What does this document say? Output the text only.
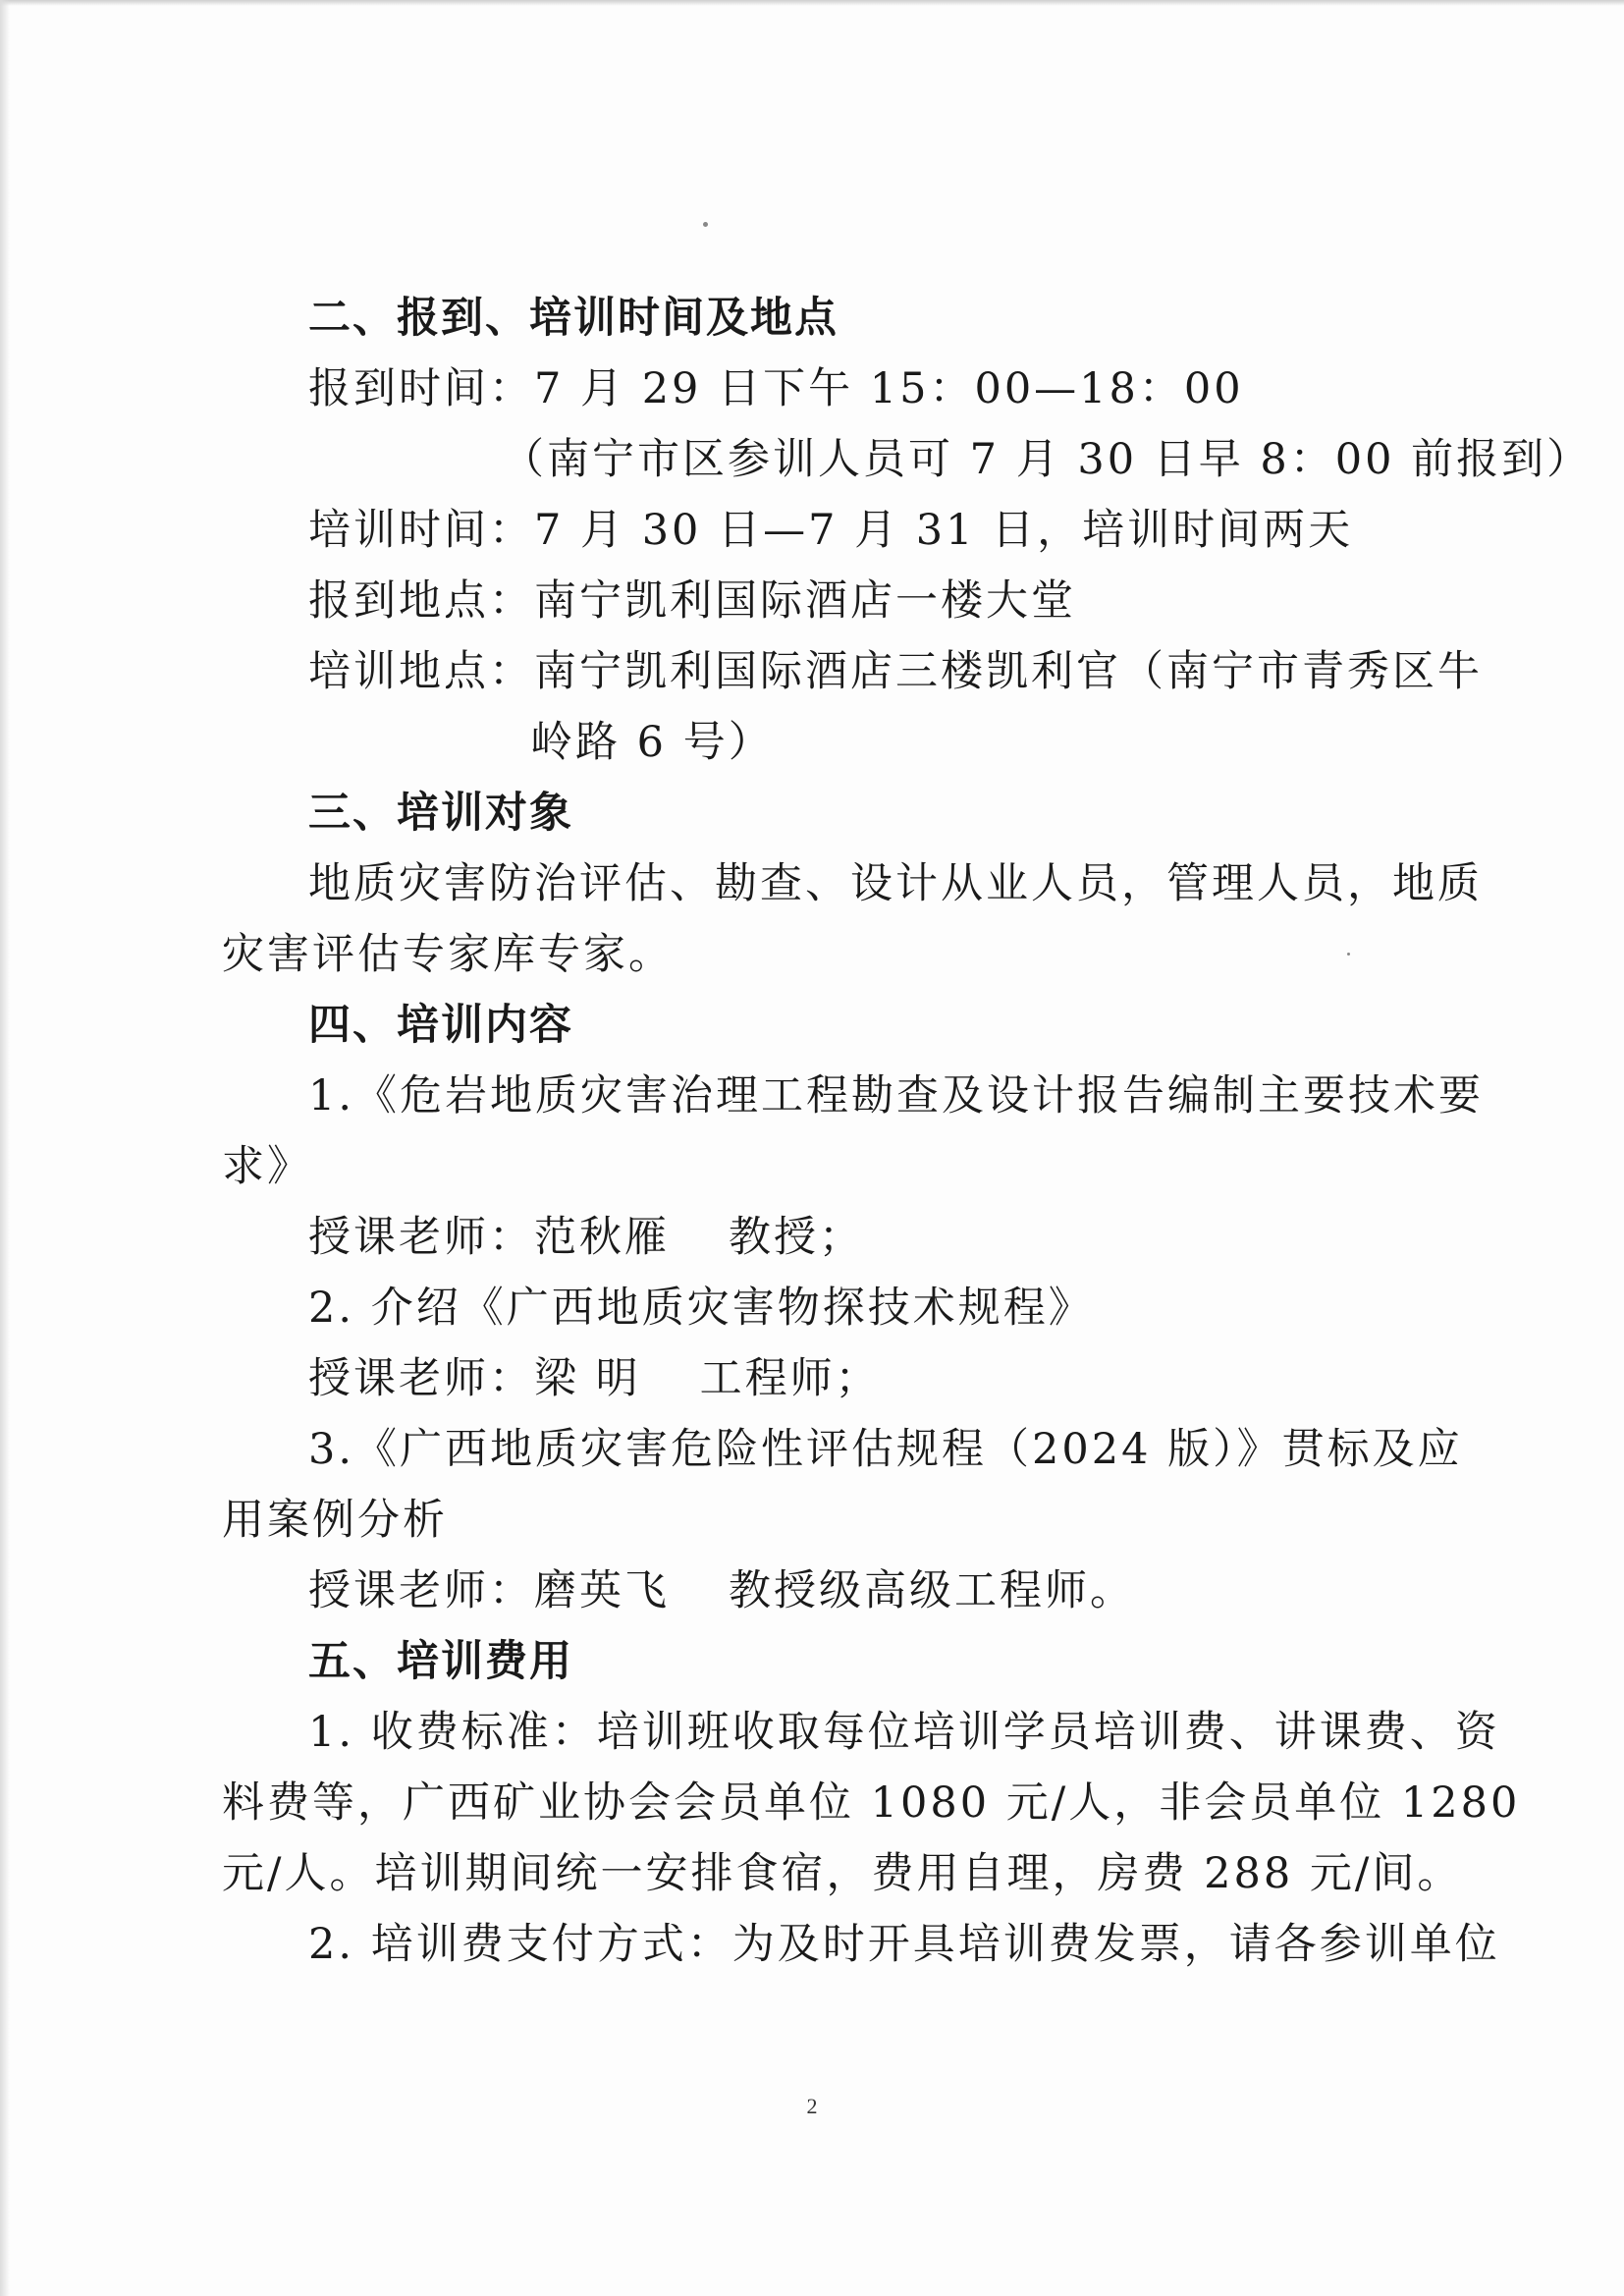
二、报到、培训时间及地点

报到时间：7 月 29 日下午 15：00—18：00

（南宁市区参训人员可 7 月 30 日早 8：00 前报到）

培训时间：7 月 30 日—7 月 31 日，培训时间两天

报到地点：南宁凯利国际酒店一楼大堂

培训地点：南宁凯利国际酒店三楼凯利官（南宁市青秀区牛

岭路 6 号）

三、培训对象

地质灾害防治评估、勘查、设计从业人员，管理人员，地质

灾害评估专家库专家。

四、培训内容

1.《危岩地质灾害治理工程勘查及设计报告编制主要技术要

求》

授课老师：范秋雁 教授；

2. 介绍《广西地质灾害物探技术规程》

授课老师：梁 明 工程师；

3.《广西地质灾害危险性评估规程（2024 版）》贯标及应

用案例分析

授课老师：磨英飞 教授级高级工程师。

五、培训费用

1. 收费标准：培训班收取每位培训学员培训费、讲课费、资

料费等，广西矿业协会会员单位 1080 元/人，非会员单位 1280

元/人。培训期间统一安排食宿，费用自理，房费 288 元/间。

2. 培训费支付方式：为及时开具培训费发票，请各参训单位

2
